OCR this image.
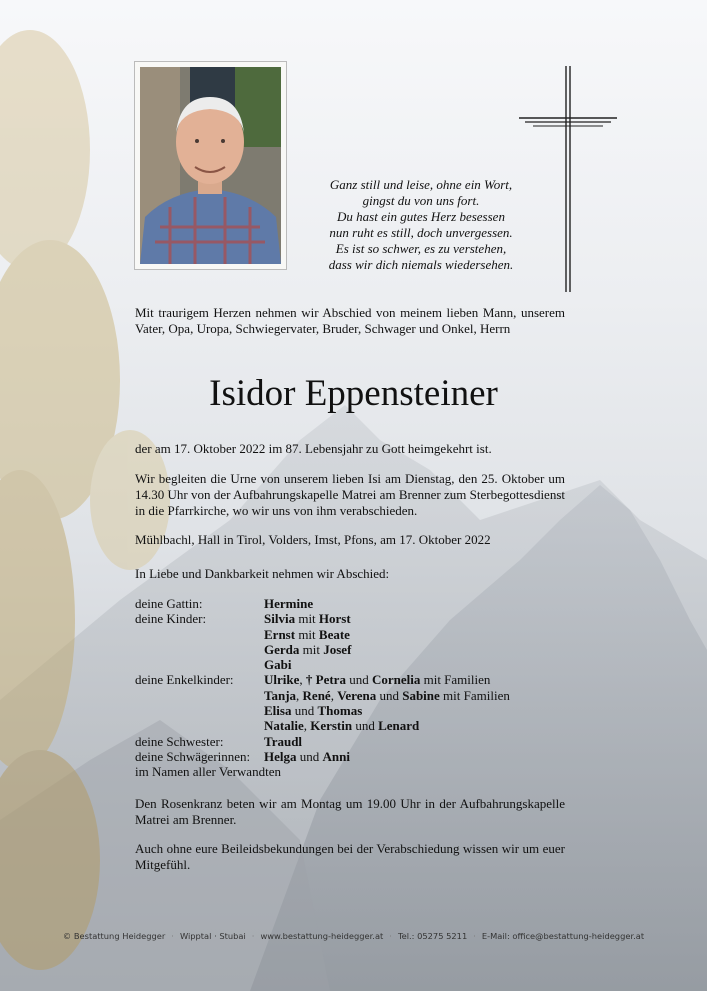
Ganz still und leise, ohne ein Wort,
gingst du von uns fort.
Du hast ein gutes Herz besessen
nun ruht es still, doch unvergessen.
Es ist so schwer, es zu verstehen,
dass wir dich niemals wiedersehen.
Mit traurigem Herzen nehmen wir Abschied von meinem lieben Mann, unserem Vater, Opa, Uropa, Schwiegervater, Bruder, Schwager und Onkel, Herrn
Isidor Eppensteiner
der am 17. Oktober 2022 im 87. Lebensjahr zu Gott heimgekehrt ist.
Wir begleiten die Urne von unserem lieben Isi am Dienstag, den 25. Oktober um 14.30 Uhr von der Aufbahrungskapelle Matrei am Brenner zum Sterbegottesdienst in die Pfarrkirche, wo wir uns von ihm verabschieden.
Mühlbachl, Hall in Tirol, Volders, Imst, Pfons, am 17. Oktober 2022
In Liebe und Dankbarkeit nehmen wir Abschied:
deine Gattin:	Hermine
deine Kinder:	Silvia mit Horst
Ernst mit Beate
Gerda mit Josef
Gabi
deine Enkelkinder:	Ulrike, † Petra und Cornelia mit Familien
Tanja, René, Verena und Sabine mit Familien
Elisa und Thomas
Natalie, Kerstin und Lenard
deine Schwester:	Traudl
deine Schwägerinnen:	Helga und Anni
im Namen aller Verwandten
Den Rosenkranz beten wir am Montag um 19.00 Uhr in der Aufbahrungskapelle Matrei am Brenner.
Auch ohne eure Beileidsbekundungen bei der Verabschiedung wissen wir um euer Mitgefühl.
© Bestattung Heidegger · Wipptal · Stubai · www.bestattung-heidegger.at · Tel.: 05275 5211 · E-Mail: office@bestattung-heidegger.at
